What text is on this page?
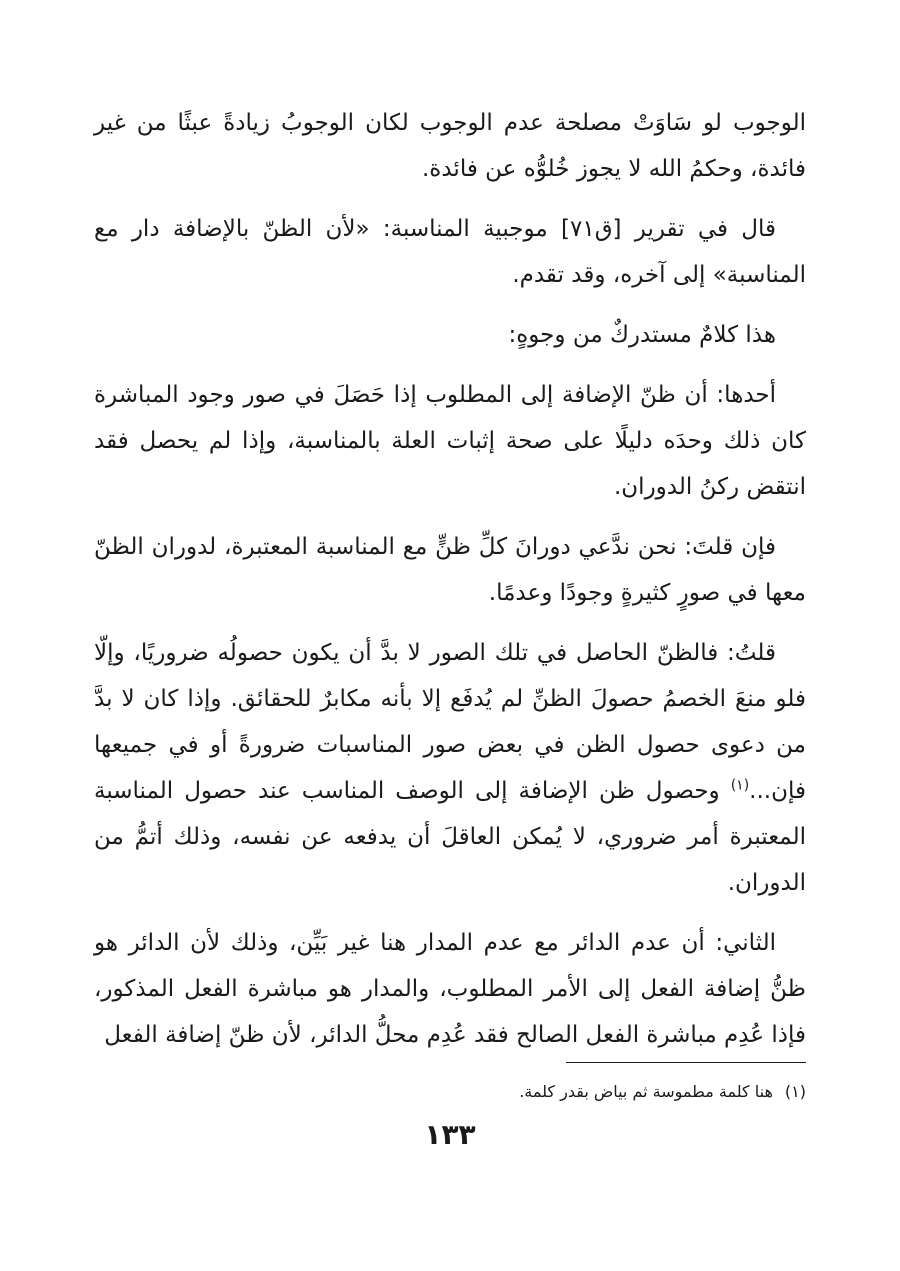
الوجوب لو سَاوَتْ مصلحة عدم الوجوب لكان الوجوبُ زيادةً عبثًا من غير فائدة، وحكمُ الله لا يجوز خُلوُّه عن فائدة.

قال في تقرير [ق٧١] موجبية المناسبة: «لأن الظنّ بالإضافة دار مع المناسبة» إلى آخره، وقد تقدم.

هذا كلامٌ مستدركٌ من وجوهٍ:

أحدها: أن ظنّ الإضافة إلى المطلوب إذا حَصَلَ في صور وجود المباشرة كان ذلك وحدَه دليلًا على صحة إثبات العلة بالمناسبة، وإذا لم يحصل فقد انتقض ركنُ الدوران.

فإن قلتَ: نحن ندَّعي دورانَ كلِّ ظنٍّ مع المناسبة المعتبرة، لدوران الظنّ معها في صورٍ كثيرةٍ وجودًا وعدمًا.

قلتُ: فالظنّ الحاصل في تلك الصور لا بدَّ أن يكون حصولُه ضروريًا، وإلّا فلو منعَ الخصمُ حصولَ الظنِّ لم يُدفَع إلا بأنه مكابرٌ للحقائق. وإذا كان لا بدَّ من دعوى حصول الظن في بعض صور المناسبات ضرورةً أو في جميعها فإن...$^{(١)}$ وحصول ظن الإضافة إلى الوصف المناسب عند حصول المناسبة المعتبرة أمر ضروري، لا يُمكن العاقلَ أن يدفعه عن نفسه، وذلك أتمُّ من الدوران.

الثاني: أن عدم الدائر مع عدم المدار هنا غير بَيِّن، وذلك لأن الدائر هو ظنُّ إضافة الفعل إلى الأمر المطلوب، والمدار هو مباشرة الفعل المذكور، فإذا عُدِم مباشرة الفعل الصالح فقد عُدِم محلُّ الدائر، لأن ظنّ إضافة الفعل

(١)هنا كلمة مطموسة ثم بياض بقدر كلمة.
١٣٣
